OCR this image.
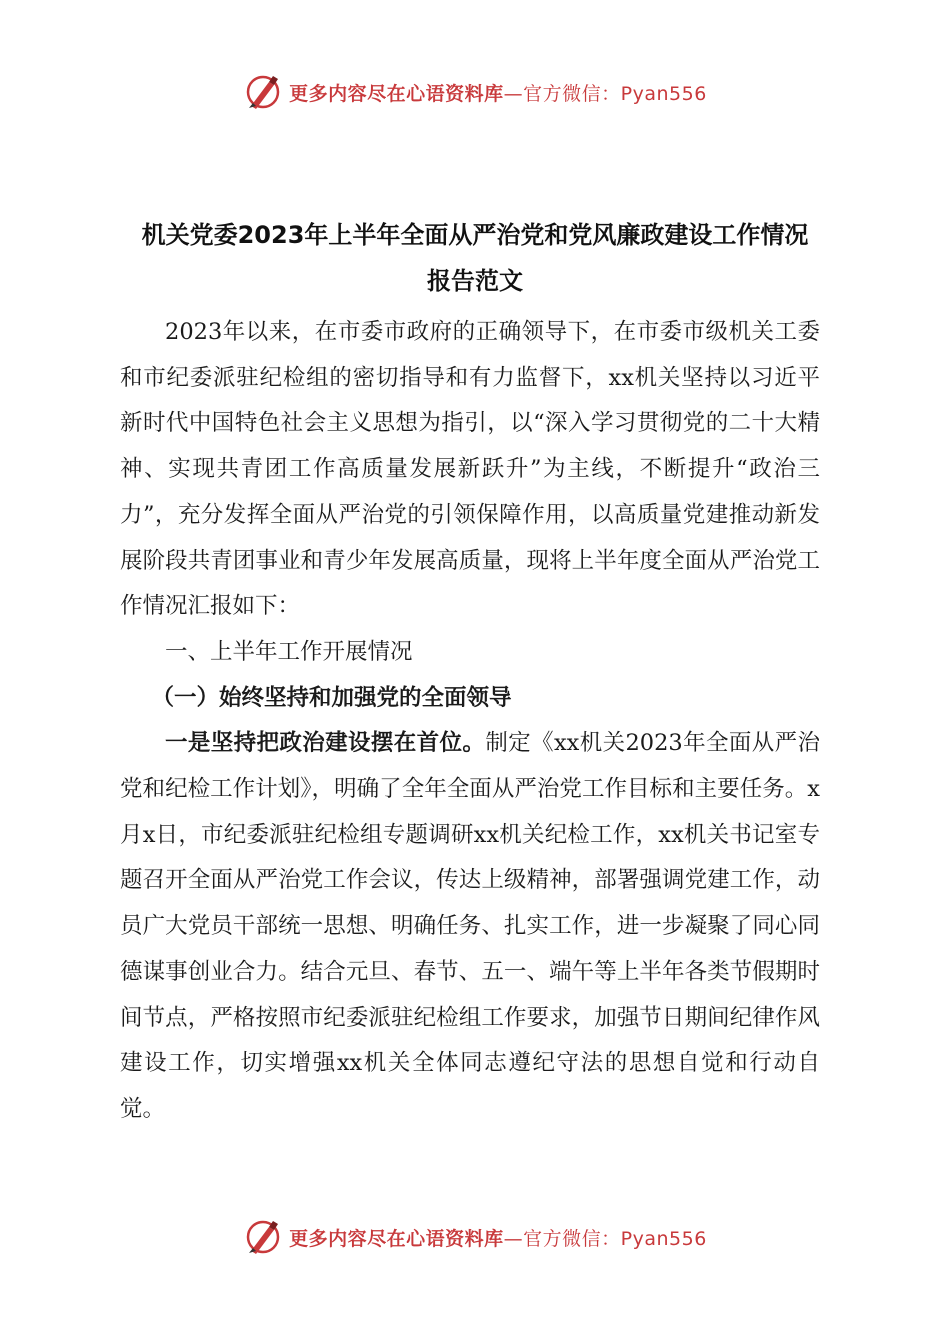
更多内容尽在心语资料库—官方微信：Pyan556
机关党委2023年上半年全面从严治党和党风廉政建设工作情况
报告范文

2023年以来，在市委市政府的正确领导下，在市委市级机关工委和市纪委派驻纪检组的密切指导和有力监督下，xx机关坚持以习近平新时代中国特色社会主义思想为指引，以“深入学习贯彻党的二十大精神、实现共青团工作高质量发展新跃升”为主线，不断提升“政治三力”，充分发挥全面从严治党的引领保障作用，以高质量党建推动新发展阶段共青团事业和青少年发展高质量，现将上半年度全面从严治党工作情况汇报如下：

一、上半年工作开展情况

（一）始终坚持和加强党的全面领导

一是坚持把政治建设摆在首位。制定《xx机关2023年全面从严治党和纪检工作计划》，明确了全年全面从严治党工作目标和主要任务。x月x日，市纪委派驻纪检组专题调研xx机关纪检工作，xx机关书记室专题召开全面从严治党工作会议，传达上级精神，部署强调党建工作，动员广大党员干部统一思想、明确任务、扎实工作，进一步凝聚了同心同德谋事创业合力。结合元旦、春节、五一、端午等上半年各类节假期时间节点，严格按照市纪委派驻纪检组工作要求，加强节日期间纪律作风建设工作，切实增强xx机关全体同志遵纪守法的思想自觉和行动自觉。

更多内容尽在心语资料库—官方微信：Pyan556
